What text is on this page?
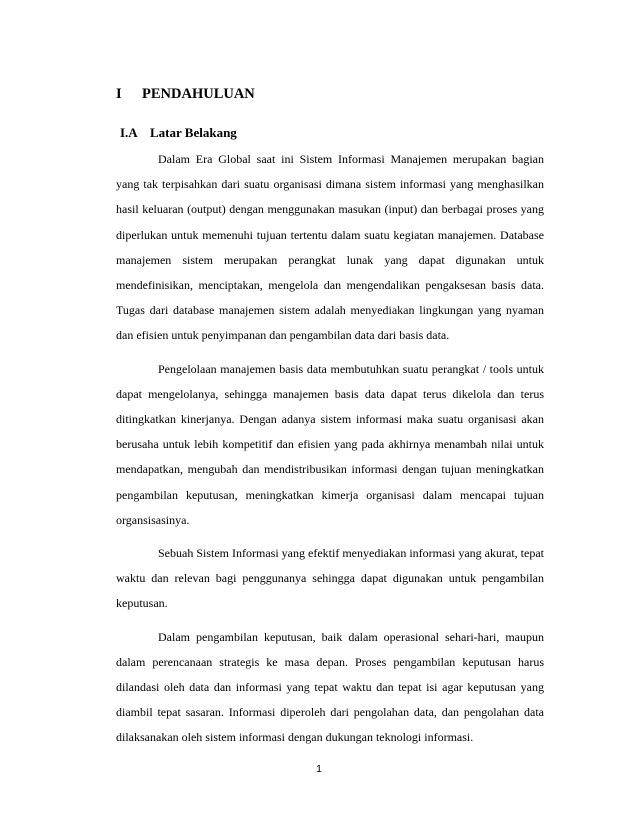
I	PENDAHULUAN
I.A Latar Belakang

Dalam Era Global saat ini Sistem Informasi Manajemen merupakan bagian yang tak terpisahkan dari suatu organisasi dimana sistem informasi yang menghasilkan hasil keluaran (output) dengan menggunakan masukan (input) dan berbagai proses yang diperlukan untuk memenuhi tujuan tertentu dalam suatu kegiatan manajemen. Database manajemen sistem merupakan perangkat lunak yang dapat digunakan untuk mendefinisikan, menciptakan, mengelola dan mengendalikan pengaksesan basis data. Tugas dari database manajemen sistem adalah menyediakan lingkungan yang nyaman dan efisien untuk penyimpanan dan pengambilan data dari basis data.

Pengelolaan manajemen basis data membutuhkan suatu perangkat / tools untuk dapat mengelolanya, sehingga manajemen basis data dapat terus dikelola dan terus ditingkatkan kinerjanya. Dengan adanya sistem informasi maka suatu organisasi akan berusaha untuk lebih kompetitif dan efisien yang pada akhirnya menambah nilai untuk mendapatkan, mengubah dan mendistribusikan informasi dengan tujuan meningkatkan pengambilan keputusan, meningkatkan kimerja organisasi dalam mencapai tujuan organsisasinya.

Sebuah Sistem Informasi yang efektif menyediakan informasi yang akurat, tepat waktu dan relevan bagi penggunanya sehingga dapat digunakan untuk pengambilan keputusan.

Dalam pengambilan keputusan, baik dalam operasional sehari-hari, maupun dalam perencanaan strategis ke masa depan. Proses pengambilan keputusan harus dilandasi oleh data dan informasi yang tepat waktu dan tepat isi agar keputusan yang diambil tepat sasaran. Informasi diperoleh dari pengolahan data, dan pengolahan data dilaksanakan oleh sistem informasi dengan dukungan teknologi informasi.

1
